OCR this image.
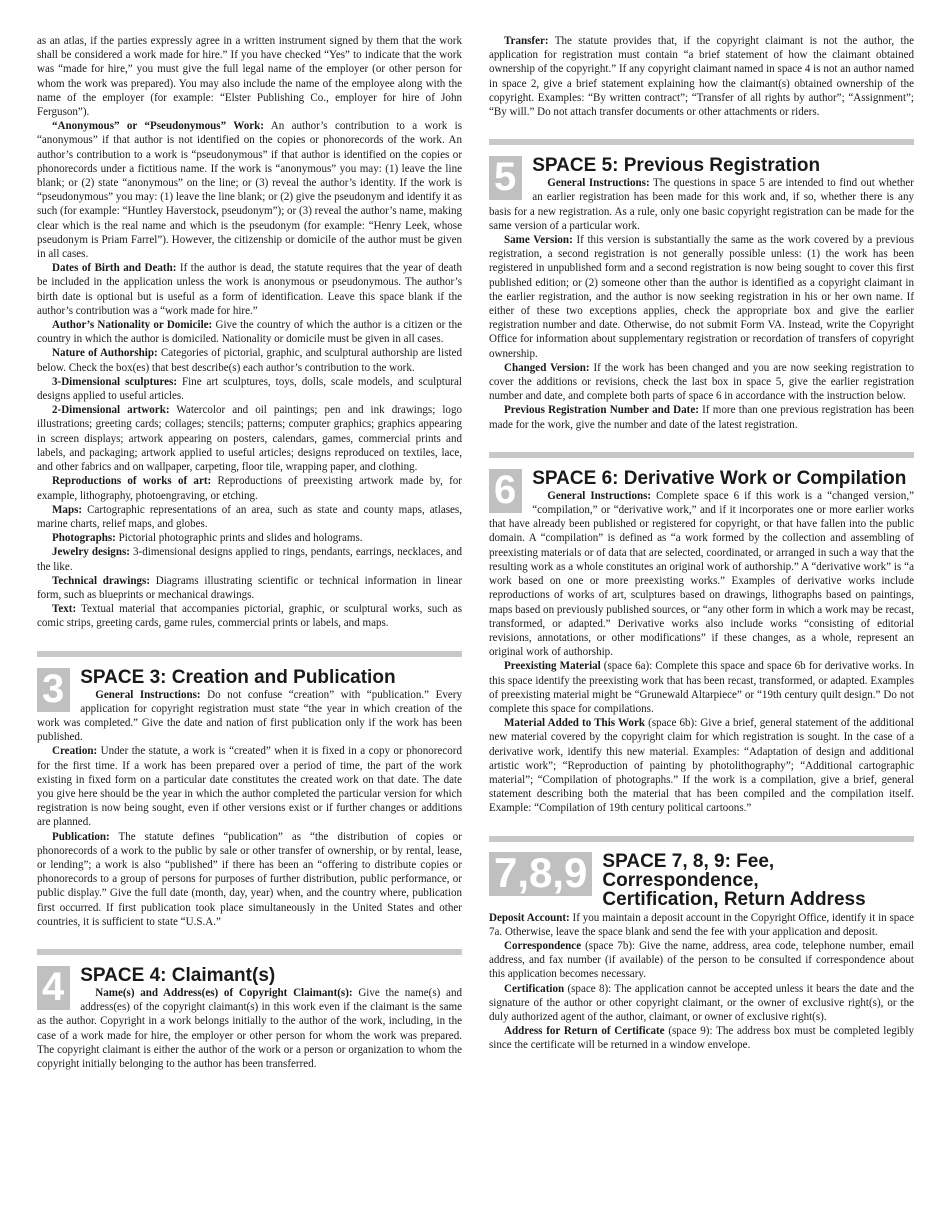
as an atlas, if the parties expressly agree in a written instrument signed by them that the work shall be considered a work made for hire.” If you have checked “Yes” to indicate that the work was “made for hire,” you must give the full legal name of the employer (or other person for whom the work was prepared). You may also include the name of the employee along with the name of the employer (for example: “Elster Publishing Co., employer for hire of John Ferguson”).

“Anonymous” or “Pseudonymous” Work: An author’s contribution to a work is “anonymous” if that author is not identified on the copies or phonorecords of the work. An author’s contribution to a work is “pseudonymous” if that author is identified on the copies or phonorecords under a fictitious name. If the work is “anonymous” you may: (1) leave the line blank; or (2) state “anonymous” on the line; or (3) reveal the author’s identity. If the work is “pseudonymous” you may: (1) leave the line blank; or (2) give the pseudonym and identify it as such (for example: “Huntley Haverstock, pseudonym”); or (3) reveal the author’s name, making clear which is the real name and which is the pseudonym (for example: “Henry Leek, whose pseudonym is Priam Farrel”). However, the citizenship or domicile of the author must be given in all cases.

Dates of Birth and Death: If the author is dead, the statute requires that the year of death be included in the application unless the work is anonymous or pseudonymous. The author’s birth date is optional but is useful as a form of identification. Leave this space blank if the author’s contribution was a “work made for hire.”

Author’s Nationality or Domicile: Give the country of which the author is a citizen or the country in which the author is domiciled. Nationality or domicile must be given in all cases.

Nature of Authorship: Categories of pictorial, graphic, and sculptural authorship are listed below. Check the box(es) that best describe(s) each author’s contribution to the work.

3-Dimensional sculptures: Fine art sculptures, toys, dolls, scale models, and sculptural designs applied to useful articles.

2-Dimensional artwork: Watercolor and oil paintings; pen and ink drawings; logo illustrations; greeting cards; collages; stencils; patterns; computer graphics; graphics appearing in screen displays; artwork appearing on posters, calendars, games, commercial prints and labels, and packaging; artwork applied to useful articles; designs reproduced on textiles, lace, and other fabrics and on wallpaper, carpeting, floor tile, wrapping paper, and clothing.

Reproductions of works of art: Reproductions of preexisting artwork made by, for example, lithography, photoengraving, or etching.

Maps: Cartographic representations of an area, such as state and county maps, atlases, marine charts, relief maps, and globes.

Photographs: Pictorial photographic prints and slides and holograms.

Jewelry designs: 3-dimensional designs applied to rings, pendants, earrings, necklaces, and the like.

Technical drawings: Diagrams illustrating scientific or technical information in linear form, such as blueprints or mechanical drawings.

Text: Textual material that accompanies pictorial, graphic, or sculptural works, such as comic strips, greeting cards, game rules, commercial prints or labels, and maps.

3 SPACE 3: Creation and Publication

General Instructions: Do not confuse “creation” with “publication.” Every application for copyright registration must state “the year in which creation of the work was completed.” Give the date and nation of first publication only if the work has been published.

Creation: Under the statute, a work is “created” when it is fixed in a copy or phonorecord for the first time. If a work has been prepared over a period of time, the part of the work existing in fixed form on a particular date constitutes the created work on that date. The date you give here should be the year in which the author completed the particular version for which registration is now being sought, even if other versions exist or if further changes or additions are planned.

Publication: The statute defines “publication” as “the distribution of copies or phonorecords of a work to the public by sale or other transfer of ownership, or by rental, lease, or lending”; a work is also “published” if there has been an “offering to distribute copies or phonorecords to a group of persons for purposes of further distribution, public performance, or public display.” Give the full date (month, day, year) when, and the country where, publication first occurred. If first publication took place simultaneously in the United States and other countries, it is sufficient to state “U.S.A.”

4 SPACE 4: Claimant(s)

Name(s) and Address(es) of Copyright Claimant(s): Give the name(s) and address(es) of the copyright claimant(s) in this work even if the claimant is the same as the author. Copyright in a work belongs initially to the author of the work, including, in the case of a work made for hire, the employer or other person for whom the work was prepared. The copyright claimant is either the author of the work or a person or organization to whom the copyright initially belonging to the author has been transferred.

Transfer: The statute provides that, if the copyright claimant is not the author, the application for registration must contain “a brief statement of how the claimant obtained ownership of the copyright.” If any copyright claimant named in space 4 is not an author named in space 2, give a brief statement explaining how the claimant(s) obtained ownership of the copyright. Examples: “By written contract”; “Transfer of all rights by author”; “Assignment”; “By will.” Do not attach transfer documents or other attachments or riders.

5 SPACE 5: Previous Registration

General Instructions: The questions in space 5 are intended to find out whether an earlier registration has been made for this work and, if so, whether there is any basis for a new registration. As a rule, only one basic copyright registration can be made for the same version of a particular work.

Same Version: If this version is substantially the same as the work covered by a previous registration, a second registration is not generally possible unless: (1) the work has been registered in unpublished form and a second registration is now being sought to cover this first published edition; or (2) someone other than the author is identified as a copyright claimant in the earlier registration, and the author is now seeking registration in his or her own name. If either of these two exceptions applies, check the appropriate box and give the earlier registration number and date. Otherwise, do not submit Form VA. Instead, write the Copyright Office for information about supplementary registration or recordation of transfers of copyright ownership.

Changed Version: If the work has been changed and you are now seeking registration to cover the additions or revisions, check the last box in space 5, give the earlier registration number and date, and complete both parts of space 6 in accordance with the instruction below.

Previous Registration Number and Date: If more than one previous registration has been made for the work, give the number and date of the latest registration.

6 SPACE 6: Derivative Work or Compilation

General Instructions: Complete space 6 if this work is a “changed version,” “compilation,” or “derivative work,” and if it incorporates one or more earlier works that have already been published or registered for copyright, or that have fallen into the public domain. A “compilation” is defined as “a work formed by the collection and assembling of preexisting materials or of data that are selected, coordinated, or arranged in such a way that the resulting work as a whole constitutes an original work of authorship.” A “derivative work” is “a work based on one or more preexisting works.” Examples of derivative works include reproductions of works of art, sculptures based on drawings, lithographs based on paintings, maps based on previously published sources, or “any other form in which a work may be recast, transformed, or adapted.” Derivative works also include works “consisting of editorial revisions, annotations, or other modifications” if these changes, as a whole, represent an original work of authorship.

Preexisting Material (space 6a): Complete this space and space 6b for derivative works. In this space identify the preexisting work that has been recast, transformed, or adapted. Examples of preexisting material might be “Grunewald Altarpiece” or “19th century quilt design.” Do not complete this space for compilations.

Material Added to This Work (space 6b): Give a brief, general statement of the additional new material covered by the copyright claim for which registration is sought. In the case of a derivative work, identify this new material. Examples: “Adaptation of design and additional artistic work”; “Reproduction of painting by photolithography”; “Additional cartographic material”; “Compilation of photographs.” If the work is a compilation, give a brief, general statement describing both the material that has been compiled and the compilation itself. Example: “Compilation of 19th century political cartoons.”

7,8,9 SPACE 7, 8, 9: Fee, Correspondence,
Certification, Return Address

Deposit Account: If you maintain a deposit account in the Copyright Office, identify it in space 7a. Otherwise, leave the space blank and send the fee with your application and deposit.

Correspondence (space 7b): Give the name, address, area code, telephone number, email address, and fax number (if available) of the person to be consulted if correspondence about this application becomes necessary.

Certification (space 8): The application cannot be accepted unless it bears the date and the signature of the author or other copyright claimant, or the owner of exclusive right(s), or the duly authorized agent of the author, claimant, or owner of exclusive right(s).

Address for Return of Certificate (space 9): The address box must be completed legibly since the certificate will be returned in a window envelope.
